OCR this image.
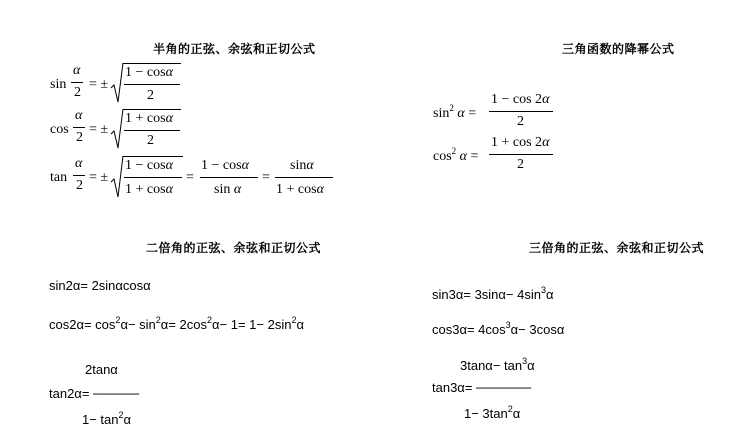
半角的正弦、余弦和正切公式	三角函数的降幂公式
二倍角的正弦、余弦和正切公式	三倍角的正弦、余弦和正切公式
sin
α
2
= ±
1 − cosα
2
cos
α
2
= ±
1 + cosα
2
tan
α
2
= ±
1 − cosα
1 + cosα
=
1 − cosα
sin α
=
sinα
1 + cosα
$\sin^2 \alpha$ =
1 − cos 2α
2
$\cos^2 \alpha$ =
1 + cos 2α
2
sin2α= 2sinαcosα
$\cos 2\alpha= \cos^2\alpha- \sin^2\alpha= 2\cos^2\alpha- 1= 1- 2\sin^2\alpha$
2tanα
tan2α= ─────
$1- \tan^2\alpha$
$\sin 3\alpha= 3\sin\alpha- 4\sin^3\alpha$
$\cos 3\alpha= 4\cos^3\alpha- 3\cos\alpha$
$3\tan\alpha- \tan^3\alpha$
tan3α= ──────
$1- 3\tan^2\alpha$
